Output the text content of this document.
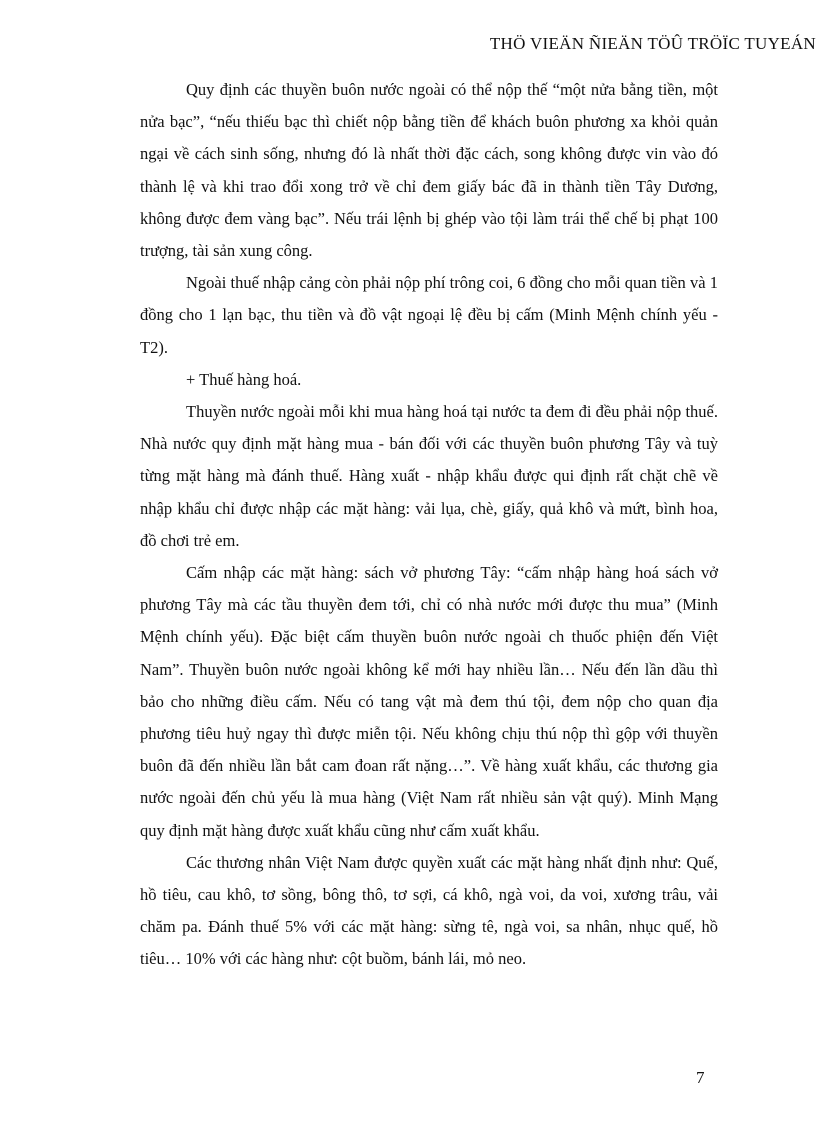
THÖ VIEÄN ÑIEÄN TÖÛ TRÖÏC TUYEÁN

Quy định các thuyền buôn nước ngoài có thể nộp thế “một nửa bằng tiền, một nửa bạc”, “nếu thiếu bạc thì chiết nộp bằng tiền để khách buôn phương xa khỏi quản ngại về cách sinh sống, nhưng đó là nhất thời đặc cách, song không được vin vào đó thành lệ và khi trao đổi xong trở về chỉ đem giấy bác đã in thành tiền Tây Dương, không được đem vàng bạc”. Nếu trái lệnh bị ghép vào tội làm trái thể chế bị phạt 100 trượng, tài sản xung công.

Ngoài thuế nhập cảng còn phải nộp phí trông coi, 6 đồng cho mỗi quan tiền và 1 đồng cho 1 lạn bạc, thu tiền và đồ vật ngoại lệ đều bị cấm (Minh Mệnh chính yếu - T2).

+ Thuế hàng hoá.

Thuyền nước ngoài mỗi khi mua hàng hoá tại nước ta đem đi đều phải nộp thuế. Nhà nước quy định mặt hàng mua - bán đối với các thuyền buôn phương Tây và tuỳ từng mặt hàng mà đánh thuế. Hàng xuất - nhập khẩu được qui định rất chặt chẽ về nhập khẩu chỉ được nhập các mặt hàng: vải lụa, chè, giấy, quả khô và mứt, bình hoa, đồ chơi trẻ em.

Cấm nhập các mặt hàng: sách vở phương Tây: “cấm nhập hàng hoá sách vở phương Tây mà các tầu thuyền đem tới, chỉ có nhà nước mới được thu mua” (Minh Mệnh chính yếu). Đặc biệt cấm thuyền buôn nước ngoài ch thuốc phiện đến Việt Nam”. Thuyền buôn nước ngoài không kể mới hay nhiều lần… Nếu đến lần dầu thì bảo cho những điều cấm. Nếu có tang vật mà đem thú tội, đem nộp cho quan địa phương tiêu huỷ ngay thì được miễn tội. Nếu không chịu thú nộp thì gộp với thuyền buôn đã đến nhiều lần bắt cam đoan rất nặng…”. Về hàng xuất khẩu, các thương gia nước ngoài đến chủ yếu là mua hàng (Việt Nam rất nhiều sản vật quý). Minh Mạng quy định mặt hàng được xuất khẩu cũng như cấm xuất khẩu.

Các thương nhân Việt Nam được quyền xuất các mặt hàng nhất định như: Quế, hồ tiêu, cau khô, tơ sồng, bông thô, tơ sợi, cá khô, ngà voi, da voi, xương trâu, vải chăm pa. Đánh thuế 5% với các mặt hàng: sừng tê, ngà voi, sa nhân, nhục quế, hồ tiêu… 10% với các hàng như: cột buồm, bánh lái, mỏ neo.

7
